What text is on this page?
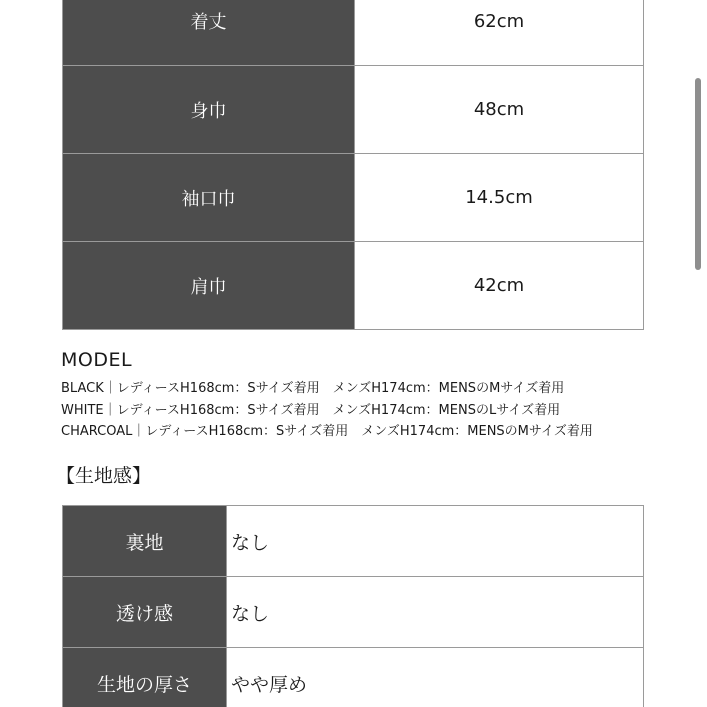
着丈	62cm
身巾	48cm
袖口巾	14.5cm
肩巾	42cm
MODEL
BLACK｜レディースH168cm：Sサイズ着用　メンズH174cm：MENSのMサイズ着用
WHITE｜レディースH168cm：Sサイズ着用　メンズH174cm：MENSのLサイズ着用
CHARCOAL｜レディースH168cm：Sサイズ着用　メンズH174cm：MENSのMサイズ着用
【生地感】
裏地	なし
透け感	なし
生地の厚さ	やや厚め
